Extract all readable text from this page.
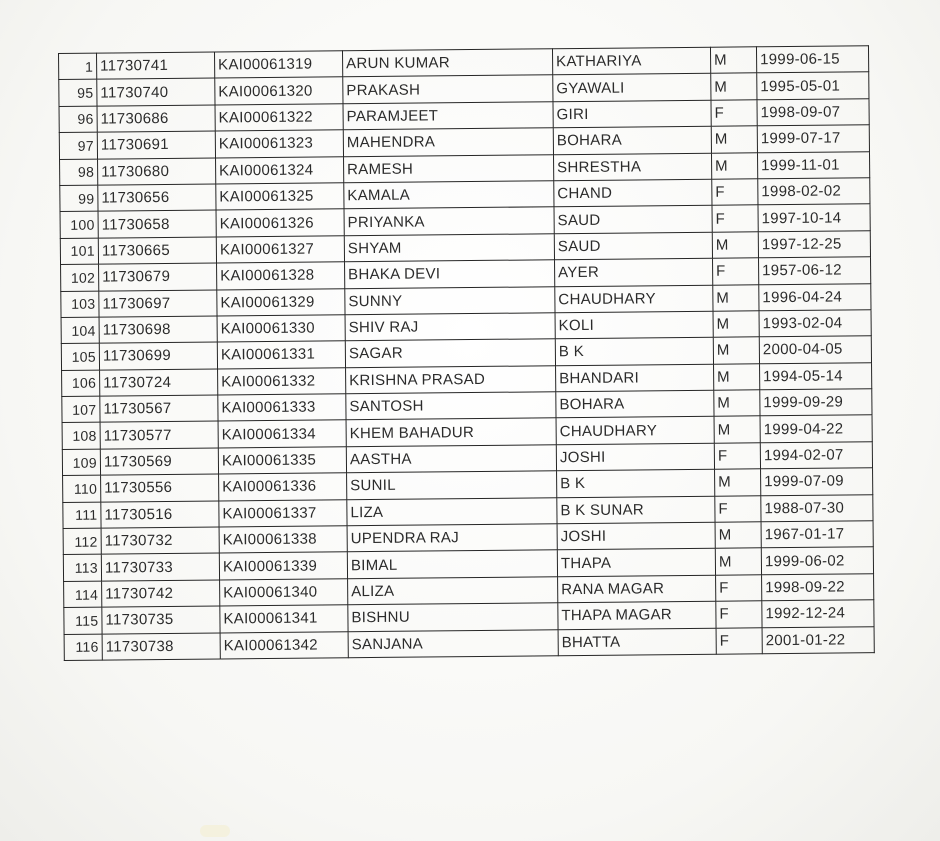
1	11730741	KAI00061319	ARUN KUMAR	KATHARIYA	M	1999-06-15
95	11730740	KAI00061320	PRAKASH	GYAWALI	M	1995-05-01
96	11730686	KAI00061322	PARAMJEET	GIRI	F	1998-09-07
97	11730691	KAI00061323	MAHENDRA	BOHARA	M	1999-07-17
98	11730680	KAI00061324	RAMESH	SHRESTHA	M	1999-11-01
99	11730656	KAI00061325	KAMALA	CHAND	F	1998-02-02
100	11730658	KAI00061326	PRIYANKA	SAUD	F	1997-10-14
101	11730665	KAI00061327	SHYAM	SAUD	M	1997-12-25
102	11730679	KAI00061328	BHAKA DEVI	AYER	F	1957-06-12
103	11730697	KAI00061329	SUNNY	CHAUDHARY	M	1996-04-24
104	11730698	KAI00061330	SHIV RAJ	KOLI	M	1993-02-04
105	11730699	KAI00061331	SAGAR	B K	M	2000-04-05
106	11730724	KAI00061332	KRISHNA PRASAD	BHANDARI	M	1994-05-14
107	11730567	KAI00061333	SANTOSH	BOHARA	M	1999-09-29
108	11730577	KAI00061334	KHEM BAHADUR	CHAUDHARY	M	1999-04-22
109	11730569	KAI00061335	AASTHA	JOSHI	F	1994-02-07
110	11730556	KAI00061336	SUNIL	B K	M	1999-07-09
111	11730516	KAI00061337	LIZA	B K SUNAR	F	1988-07-30
112	11730732	KAI00061338	UPENDRA RAJ	JOSHI	M	1967-01-17
113	11730733	KAI00061339	BIMAL	THAPA	M	1999-06-02
114	11730742	KAI00061340	ALIZA	RANA MAGAR	F	1998-09-22
115	11730735	KAI00061341	BISHNU	THAPA MAGAR	F	1992-12-24
116	11730738	KAI00061342	SANJANA	BHATTA	F	2001-01-22
